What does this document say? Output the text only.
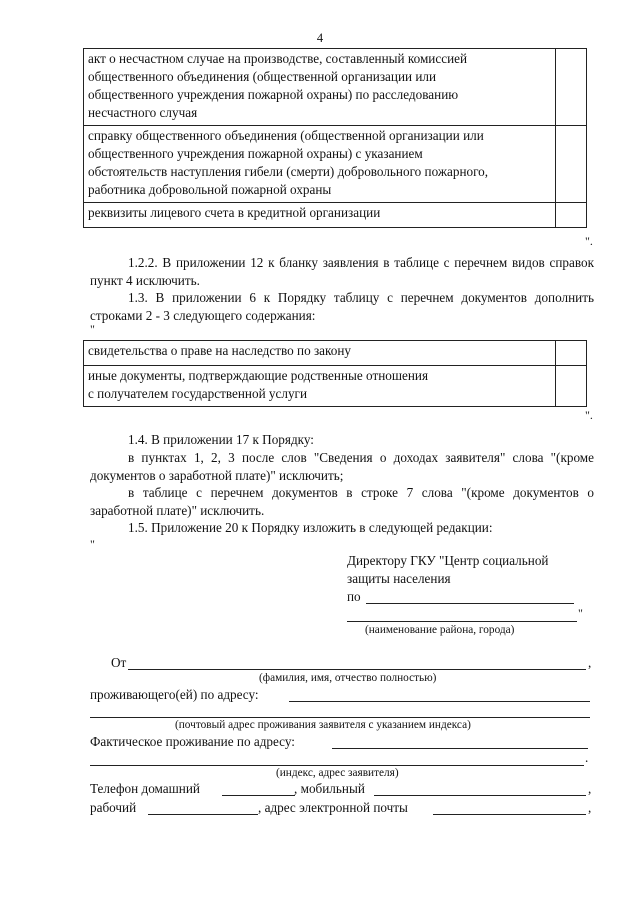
4
акт о несчастном случае на производстве, составленный комиссией
общественного объединения (общественной организации или
общественного учреждения пожарной охраны) по расследованию
несчастного случая	

справку общественного объединения (общественной организации или
общественного учреждения пожарной охраны) с указанием
обстоятельств наступления гибели (смерти) добровольного пожарного,
работника добровольной пожарной охраны	

реквизиты лицевого счета в кредитной организации	
".
1.2.2. В приложении 12 к бланку заявления в таблице с перечнем видов справок пункт 4 исключить.
1.3. В приложении 6 к Порядку таблицу с перечнем документов дополнить строками 2 - 3 следующего содержания:
"
свидетельства о праве на наследство по закону	

иные документы, подтверждающие родственные отношения
с получателем государственной услуги	

".
1.4. В приложении 17 к Порядку:
в пунктах 1, 2, 3 после слов "Сведения о доходах заявителя" слова "(кроме документов о заработной плате)" исключить;
в таблице с перечнем документов в строке 7 слова "(кроме документов о заработной плате)" исключить.
1.5. Приложение 20 к Порядку изложить в следующей редакции:
"
Директору ГКУ "Центр социальной
защиты населения
по
"
(наименование района, города)
От	,
(фамилия, имя, отчество полностью)
проживающего(ей) по адресу:
(почтовый адрес проживания заявителя с указанием индекса)
Фактическое проживание по адресу:
.
(индекс, адрес заявителя)
Телефон домашний	, мобильный	,
рабочий	, адрес электронной почты	,
